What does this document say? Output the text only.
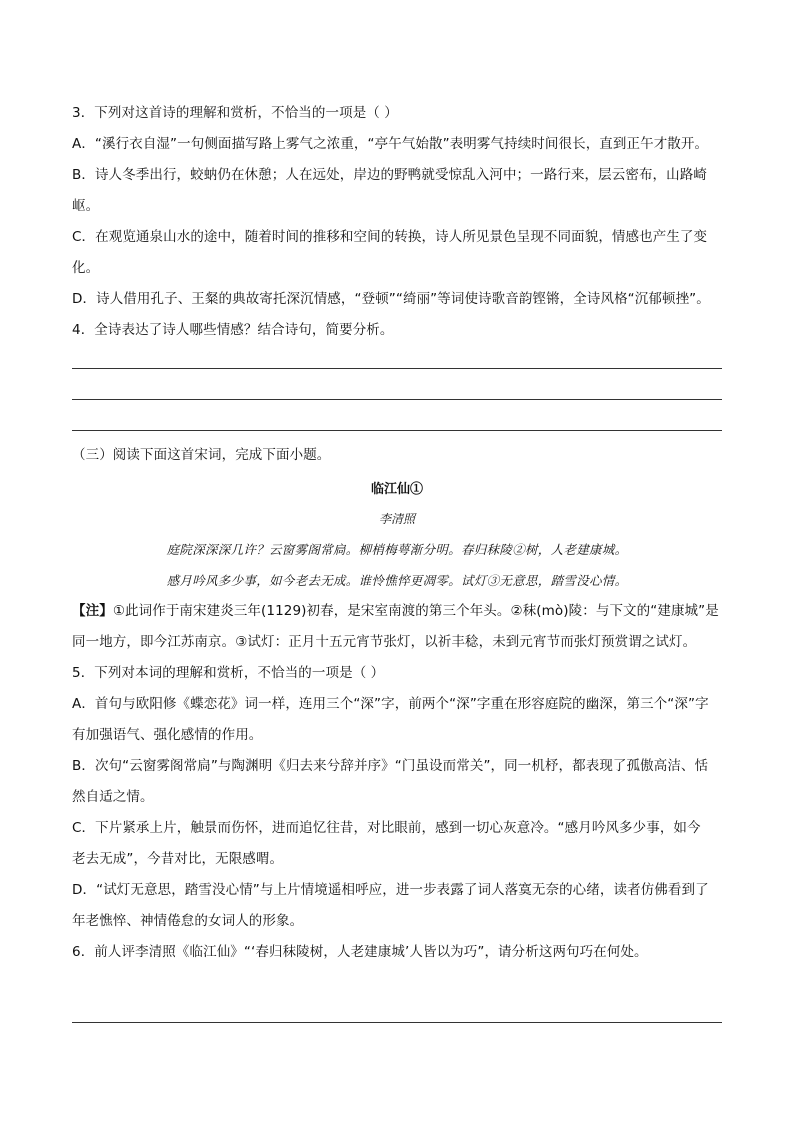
3．下列对这首诗的理解和赏析，不恰当的一项是（ ）
A．“溪行衣自湿”一句侧面描写路上雾气之浓重，“亭午气始散”表明雾气持续时间很长，直到正午才散开。
B．诗人冬季出行，蛟蚋仍在休憩；人在远处，岸边的野鸭就受惊乱入河中；一路行来，层云密布，山路崎
岖。
C．在观览通泉山水的途中，随着时间的推移和空间的转换，诗人所见景色呈现不同面貌，情感也产生了变
化。
D．诗人借用孔子、王粲的典故寄托深沉情感，“登顿”“绮丽”等词使诗歌音韵铿锵，全诗风格“沉郁顿挫”。
4．全诗表达了诗人哪些情感？结合诗句，简要分析。
（三）阅读下面这首宋词，完成下面小题。
临江仙①
李清照
庭院深深深几许？云窗雾阁常扃。柳梢梅萼渐分明。春归秣陵②树，人老建康城。
感月吟风多少事，如今老去无成。谁怜憔悴更凋零。试灯③无意思，踏雪没心情。
【注】①此词作于南宋建炎三年(1129)初春，是宋室南渡的第三个年头。②秣(mò)陵：与下文的“建康城”是
同一地方，即今江苏南京。③试灯：正月十五元宵节张灯，以祈丰稔，未到元宵节而张灯预赏谓之试灯。
5．下列对本词的理解和赏析，不恰当的一项是（ ）
A．首句与欧阳修《蝶恋花》词一样，连用三个“深”字，前两个“深”字重在形容庭院的幽深，第三个“深”字
有加强语气、强化感情的作用。
B．次句“云窗雾阁常扃”与陶渊明《归去来兮辞并序》“门虽设而常关”，同一机杼，都表现了孤傲高洁、恬
然自适之情。
C．下片紧承上片，触景而伤怀，进而追忆往昔，对比眼前，感到一切心灰意冷。“感月吟风多少事，如今
老去无成”，今昔对比，无限感喟。
D．“试灯无意思，踏雪没心情”与上片情境遥相呼应，进一步表露了词人落寞无奈的心绪，读者仿佛看到了
年老憔悴、神情倦怠的女词人的形象。
6．前人评李清照《临江仙》“‘春归秣陵树，人老建康城’人皆以为巧”，请分析这两句巧在何处。
